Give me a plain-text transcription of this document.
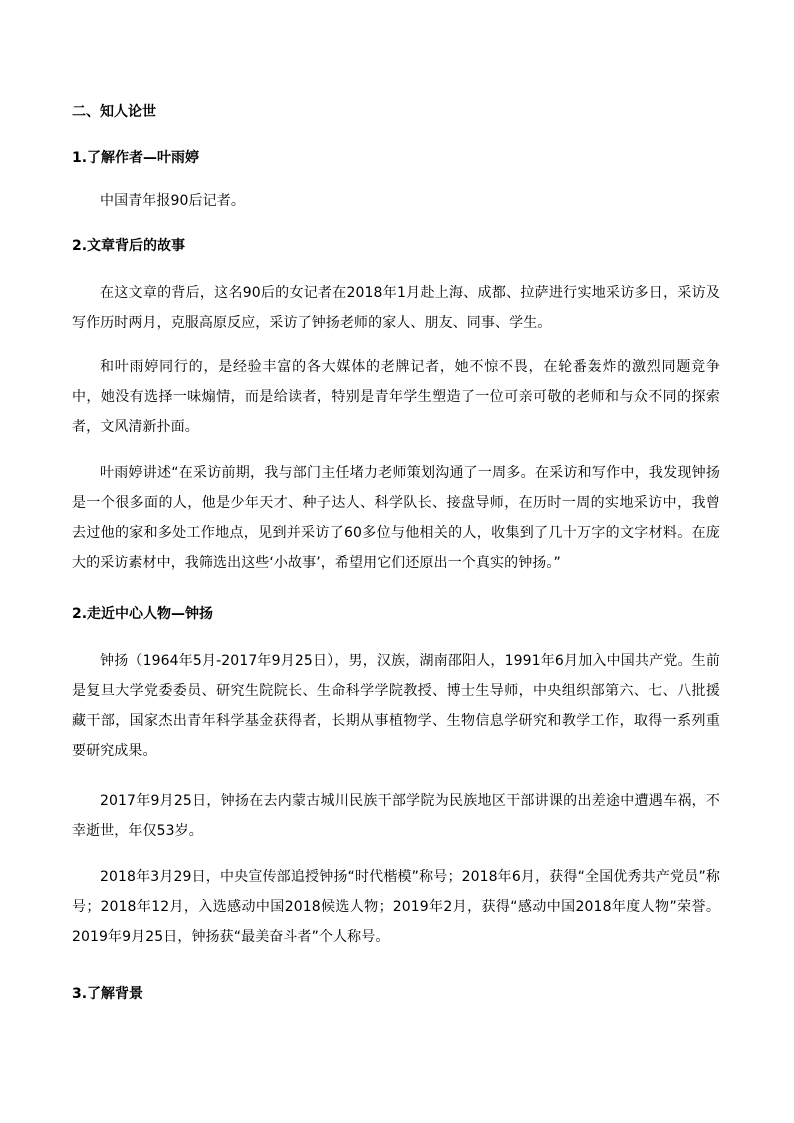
二、知人论世
1.了解作者—叶雨婷
中国青年报90后记者。
2.文章背后的故事
在这文章的背后，这名90后的女记者在2018年1月赴上海、成都、拉萨进行实地采访多日，采访及写作历时两月，克服高原反应，采访了钟扬老师的家人、朋友、同事、学生。
和叶雨婷同行的，是经验丰富的各大媒体的老牌记者，她不惊不畏，在轮番轰炸的激烈同题竞争中，她没有选择一味煽情，而是给读者，特别是青年学生塑造了一位可亲可敬的老师和与众不同的探索者，文风清新扑面。
叶雨婷讲述“在采访前期，我与部门主任堵力老师策划沟通了一周多。在采访和写作中，我发现钟扬是一个很多面的人，他是少年天才、种子达人、科学队长、接盘导师，在历时一周的实地采访中，我曾去过他的家和多处工作地点，见到并采访了60多位与他相关的人，收集到了几十万字的文字材料。在庞大的采访素材中，我筛选出这些‘小故事’，希望用它们还原出一个真实的钟扬。”
2.走近中心人物—钟扬
钟扬（1964年5月-2017年9月25日），男，汉族，湖南邵阳人，1991年6月加入中国共产党。生前是复旦大学党委委员、研究生院院长、生命科学学院教授、博士生导师，中央组织部第六、七、八批援藏干部，国家杰出青年科学基金获得者，长期从事植物学、生物信息学研究和教学工作，取得一系列重要研究成果。
2017年9月25日，钟扬在去内蒙古城川民族干部学院为民族地区干部讲课的出差途中遭遇车祸，不幸逝世，年仅53岁。
2018年3月29日，中央宣传部追授钟扬“时代楷模”称号；2018年6月，获得“全国优秀共产党员”称号；2018年12月，入选感动中国2018候选人物；2019年2月，获得“感动中国2018年度人物”荣誉。2019年9月25日，钟扬获“最美奋斗者”个人称号。
3.了解背景
